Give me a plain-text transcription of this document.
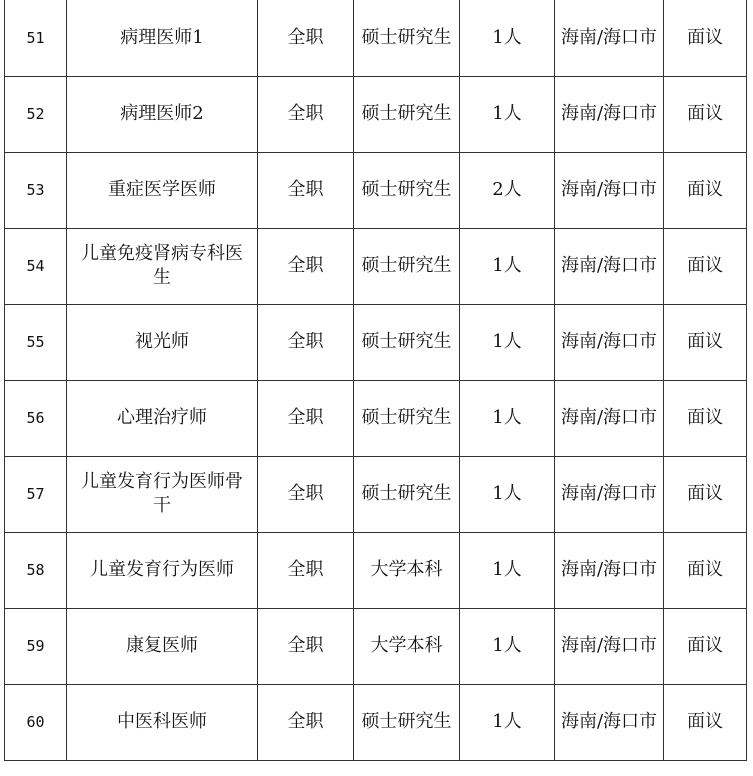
51	病理医师1	全职	硕士研究生	1人	海南/海口市	面议
52	病理医师2	全职	硕士研究生	1人	海南/海口市	面议
53	重症医学医师	全职	硕士研究生	2人	海南/海口市	面议
54	儿童免疫肾病专科医生	全职	硕士研究生	1人	海南/海口市	面议
55	视光师	全职	硕士研究生	1人	海南/海口市	面议
56	心理治疗师	全职	硕士研究生	1人	海南/海口市	面议
57	儿童发育行为医师骨干	全职	硕士研究生	1人	海南/海口市	面议
58	儿童发育行为医师	全职	大学本科	1人	海南/海口市	面议
59	康复医师	全职	大学本科	1人	海南/海口市	面议
60	中医科医师	全职	硕士研究生	1人	海南/海口市	面议
